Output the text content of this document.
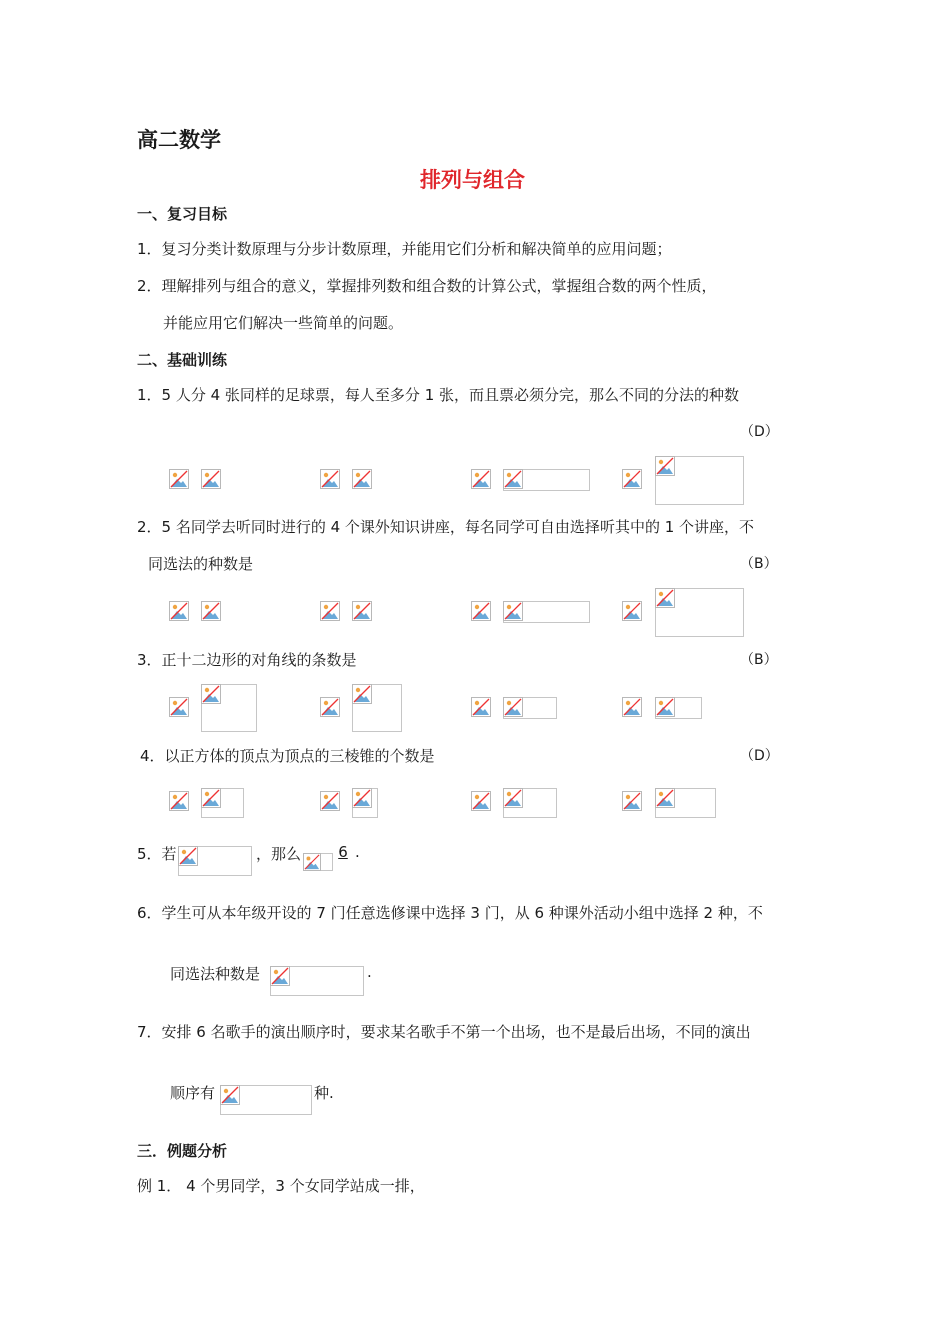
高二数学
排列与组合
一、复习目标
1．复习分类计数原理与分步计数原理，并能用它们分析和解决简单的应用问题；
2．理解排列与组合的意义，掌握排列数和组合数的计算公式，掌握组合数的两个性质，
并能应用它们解决一些简单的问题。
二、基础训练
1．5 人分 4 张同样的足球票，每人至多分 1 张，而且票必须分完，那么不同的分法的种数
（D）
2．5 名同学去听同时进行的 4 个课外知识讲座，每名同学可自由选择听其中的 1 个讲座，不
同选法的种数是	（B）
3．正十二边形的对角线的条数是	（B）
4．以正方体的顶点为顶点的三棱锥的个数是	（D）
5．若	，那么 6 .
6．学生可从本年级开设的 7 门任意选修课中选择 3 门，从 6 种课外活动小组中选择 2 种，不
同选法种数是	.
7．安排 6 名歌手的演出顺序时，要求某名歌手不第一个出场，也不是最后出场，不同的演出
顺序有	种.
三．例题分析
例 1． 4 个男同学，3 个女同学站成一排，
